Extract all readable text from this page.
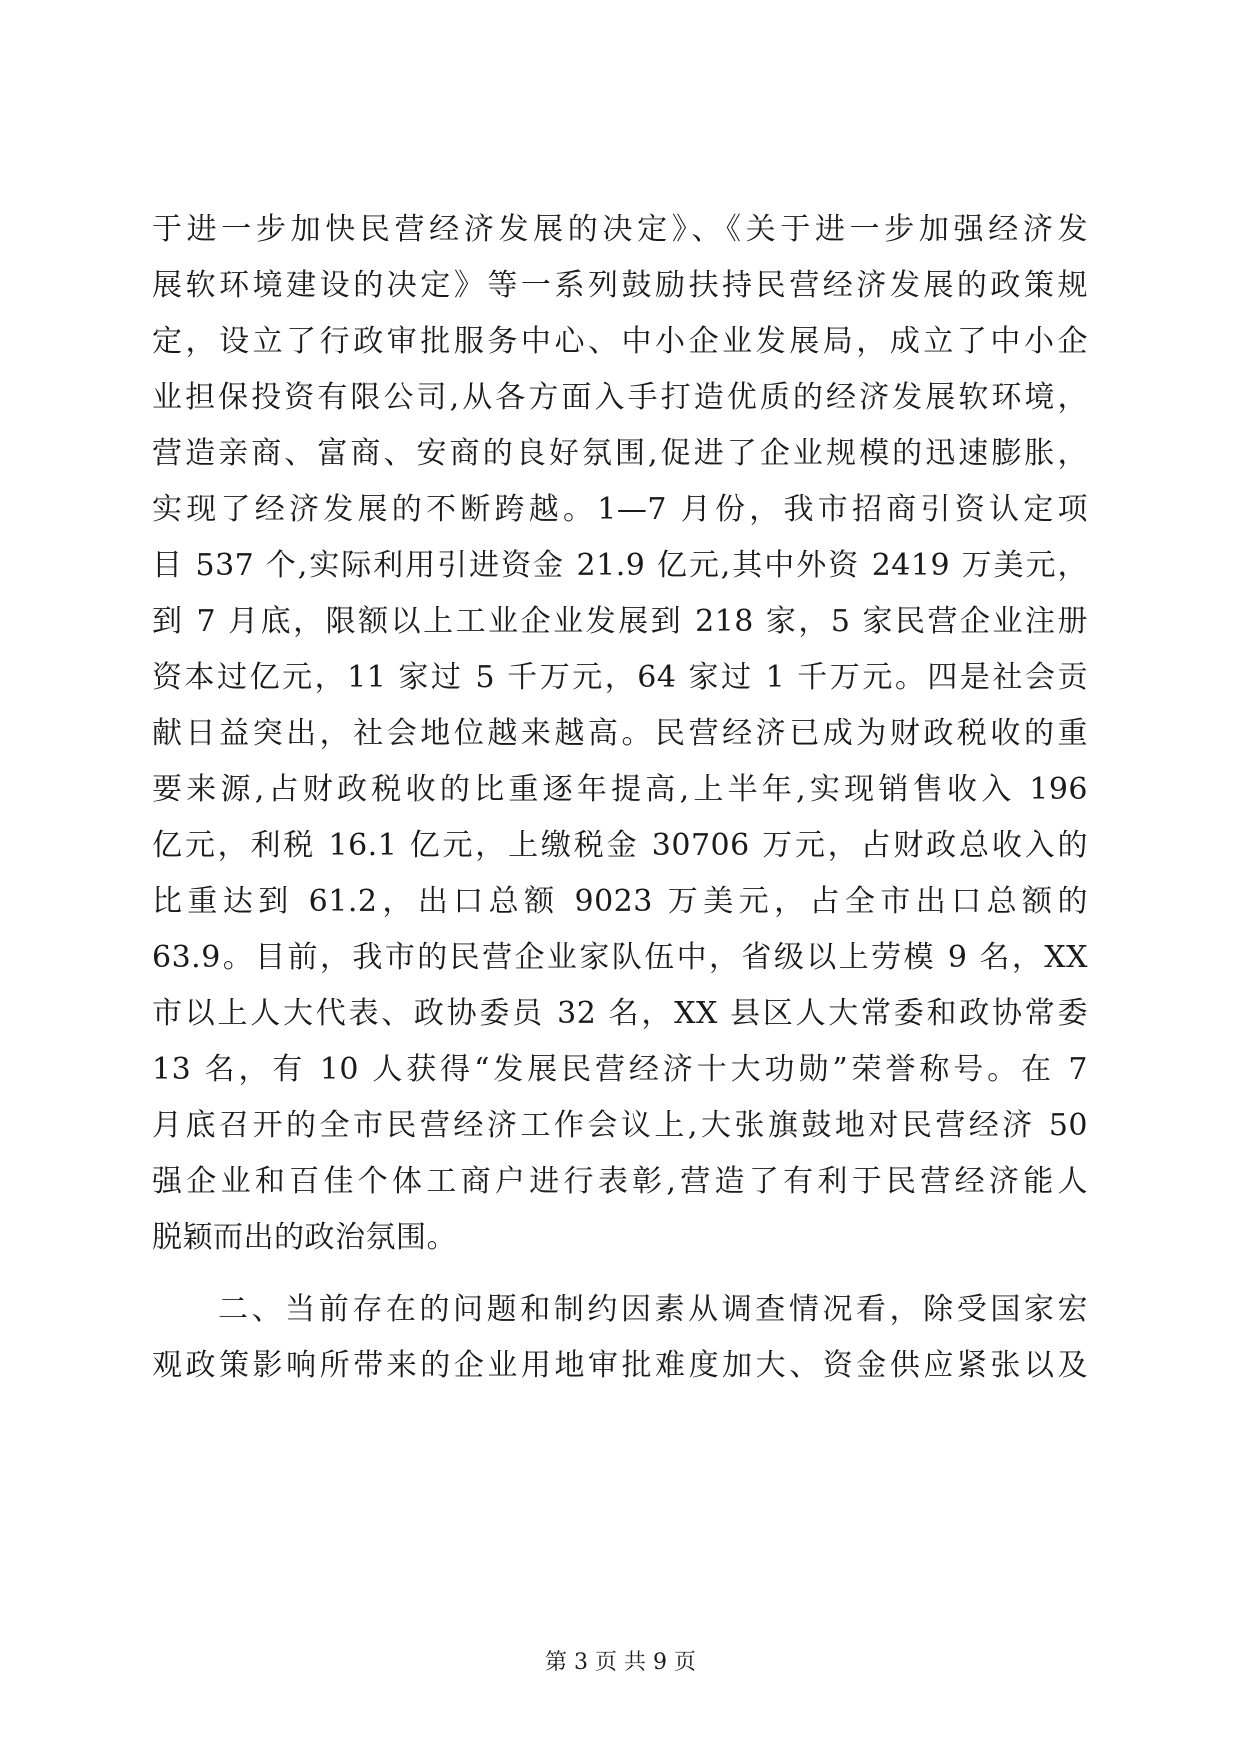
于进一步加快民营经济发展的决定》、《关于进一步加强经济发
展软环境建设的决定》等一系列鼓励扶持民营经济发展的政策规
定，设立了行政审批服务中心、中小企业发展局，成立了中小企
业担保投资有限公司,从各方面入手打造优质的经济发展软环境，
营造亲商、富商、安商的良好氛围,促进了企业规模的迅速膨胀，
实现了经济发展的不断跨越。1—7 月份，我市招商引资认定项
目 537 个,实际利用引进资金 21.9 亿元,其中外资 2419 万美元，
到 7 月底，限额以上工业企业发展到 218 家，5 家民营企业注册
资本过亿元，11 家过 5 千万元，64 家过 1 千万元。四是社会贡
献日益突出，社会地位越来越高。民营经济已成为财政税收的重
要来源,占财政税收的比重逐年提高,上半年,实现销售收入 196
亿元，利税 16.1 亿元，上缴税金 30706 万元，占财政总收入的
比重达到 61.2，出口总额 9023 万美元，占全市出口总额的
63.9。目前，我市的民营企业家队伍中，省级以上劳模 9 名，XX
市以上人大代表、政协委员 32 名，XX 县区人大常委和政协常委
13 名，有 10 人获得“发展民营经济十大功勋”荣誉称号。在 7
月底召开的全市民营经济工作会议上,大张旗鼓地对民营经济 50
强企业和百佳个体工商户进行表彰,营造了有利于民营经济能人
脱颖而出的政治氛围。
二、当前存在的问题和制约因素从调查情况看，除受国家宏
观政策影响所带来的企业用地审批难度加大、资金供应紧张以及
第 3 页 共 9 页
